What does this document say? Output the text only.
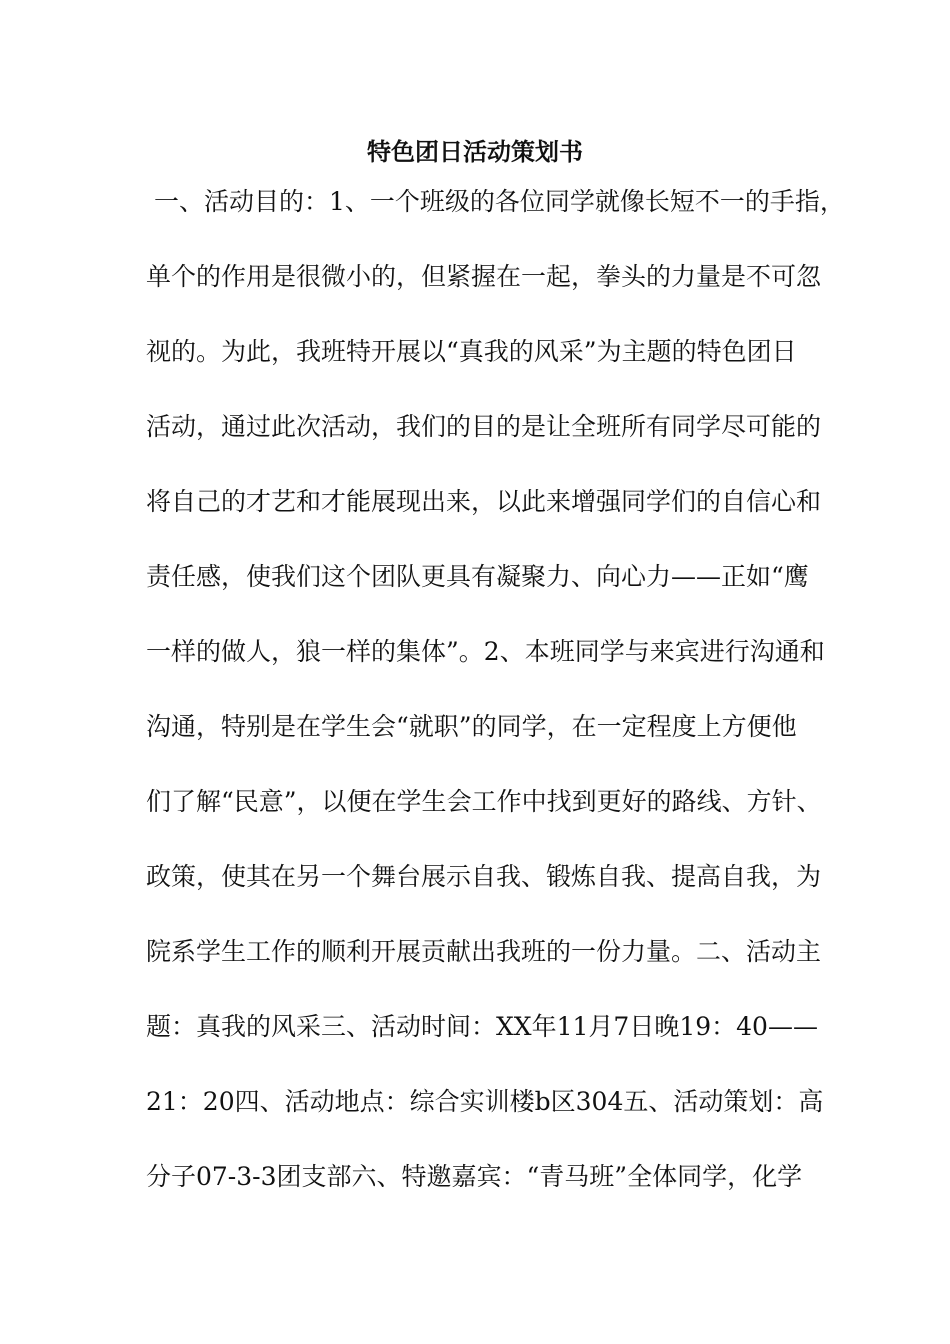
特色团日活动策划书
一、活动目的：1、一个班级的各位同学就像长短不一的手指，
单个的作用是很微小的，但紧握在一起，拳头的力量是不可忽
视的。为此，我班特开展以“真我的风采”为主题的特色团日
活动，通过此次活动，我们的目的是让全班所有同学尽可能的
将自己的才艺和才能展现出来，以此来增强同学们的自信心和
责任感，使我们这个团队更具有凝聚力、向心力——正如“鹰
一样的做人，狼一样的集体”。2、本班同学与来宾进行沟通和
沟通，特别是在学生会“就职”的同学，在一定程度上方便他
们了解“民意”，以便在学生会工作中找到更好的路线、方针、
政策，使其在另一个舞台展示自我、锻炼自我、提高自我，为
院系学生工作的顺利开展贡献出我班的一份力量。二、活动主
题：真我的风采三、活动时间：XX年11月7日晚19：40——
21：20四、活动地点：综合实训楼b区304五、活动策划：高
分子07-3-3团支部六、特邀嘉宾：“青马班”全体同学，化学
